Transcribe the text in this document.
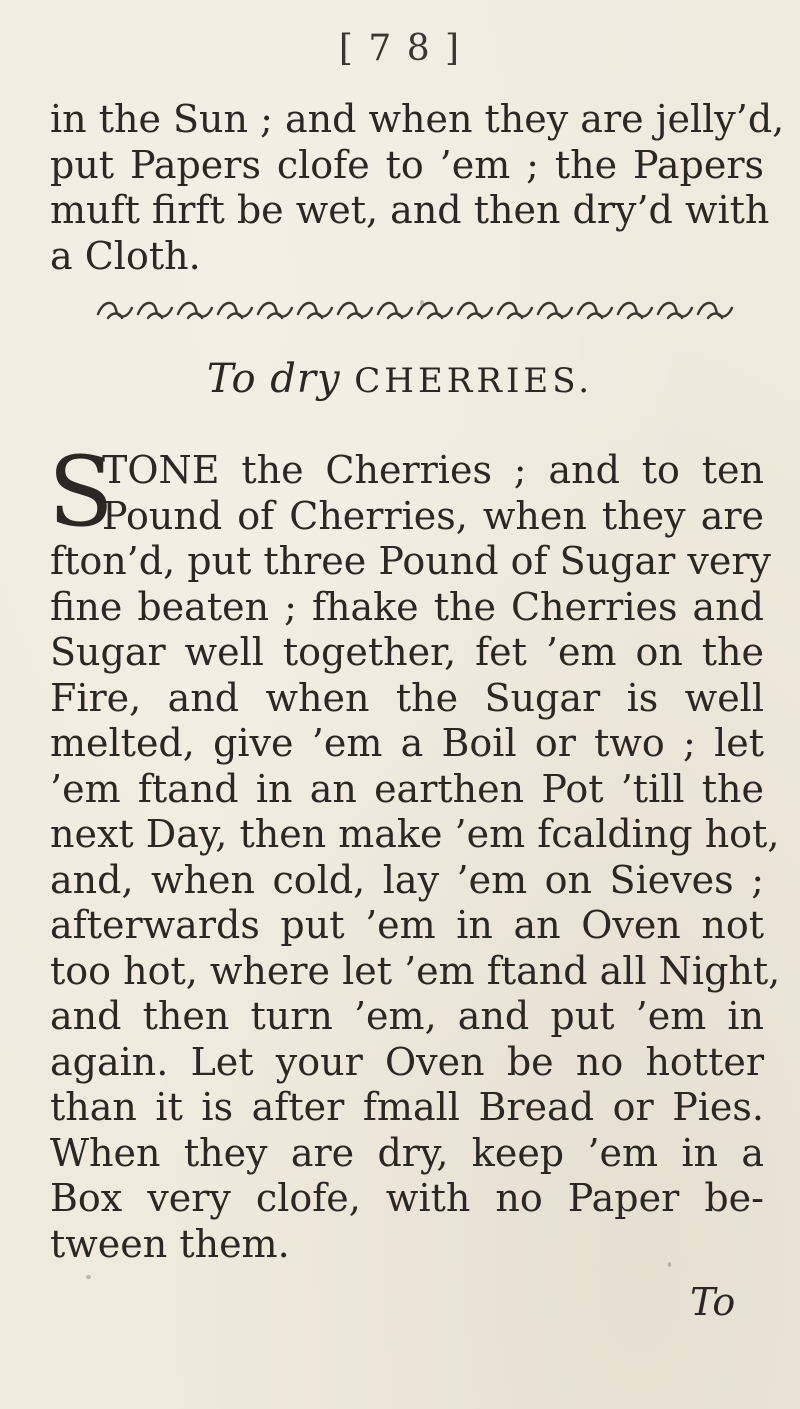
[ 7 8 ]
in the Sun ; and when they are jelly’d,
put Papers clofe to ’em ; the Papers
muft firft be wet, and then dry’d with
a Cloth.
To dry CHERRIES.
S
TONE the Cherries ; and to ten
Pound of Cherries, when they are
fton’d, put three Pound of Sugar very
fine beaten ; fhake the Cherries and
Sugar well together, fet ’em on the
Fire, and when the Sugar is well
melted, give ’em a Boil or two ; let
’em ftand in an earthen Pot ’till the
next Day, then make ’em fcalding hot,
and, when cold, lay ’em on Sieves ;
afterwards put ’em in an Oven not
too hot, where let ’em ftand all Night,
and then turn ’em, and put ’em in
again. Let your Oven be no hotter
than it is after fmall Bread or Pies.
When they are dry, keep ’em in a
Box very clofe, with no Paper be-
tween them.
To
